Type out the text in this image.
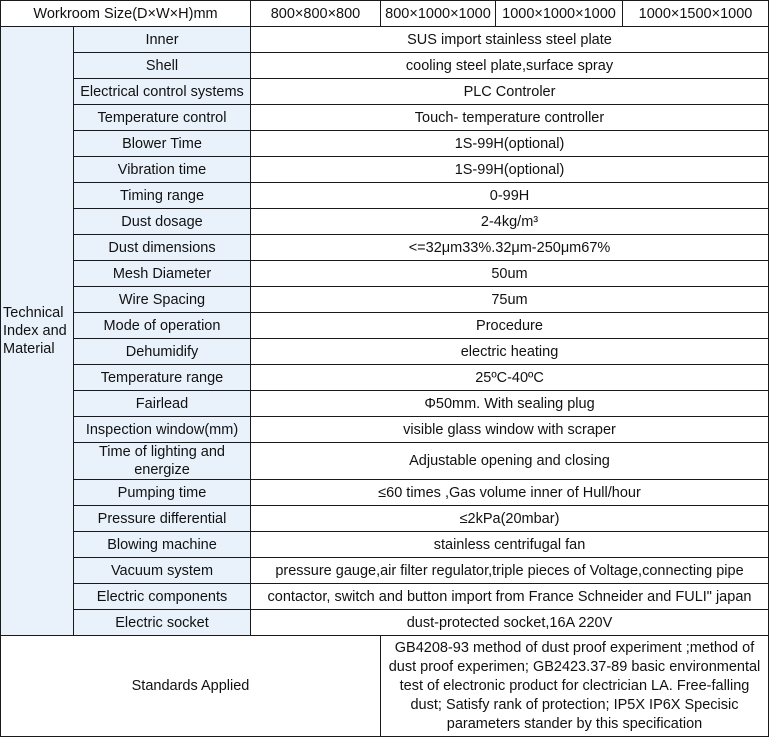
Workroom Size(D×W×H)mm		800×800×800	800×1000×1000	1000×1000×1000	1000×1500×1000
Technical Index and Material	Inner	SUS import stainless steel plate			
	Shell	cooling steel plate,surface spray			
	Electrical control systems	PLC Controler			
	Temperature control	Touch- temperature controller			
	Blower Time	1S-99H(optional)			
	Vibration time	1S-99H(optional)			
	Timing range	0-99H			
	Dust dosage	2-4kg/m³			
	Dust dimensions	<=32μm33%.32μm-250μm67%			
	Mesh Diameter	50um			
	Wire Spacing	75um			
	Mode of operation	Procedure			
	Dehumidify	electric heating			
	Temperature range	25ºC-40ºC			
	Fairlead	Φ50mm. With sealing plug			
	Inspection window(mm)	visible glass window with scraper			
	Time of lighting and energize	Adjustable opening and closing			
	Pumping time	≤60 times ,Gas volume inner of Hull/hour			
	Pressure differential	≤2kPa(20mbar)			
	Blowing machine	stainless centrifugal fan			
	Vacuum system	pressure gauge,air filter regulator,triple pieces of Voltage,connecting pipe			
	Electric components	contactor, switch and button import from France Schneider and FULI" japan			
	Electric socket	dust-protected socket,16A 220V			
Standards Applied			GB4208-93 method of dust proof experiment ;method of dust proof experimen; GB2423.37-89 basic environmental test of electronic product for clectrician LA. Free-falling dust; Satisfy rank of protection; IP5X IP6X Specisic parameters stander by this specification		
